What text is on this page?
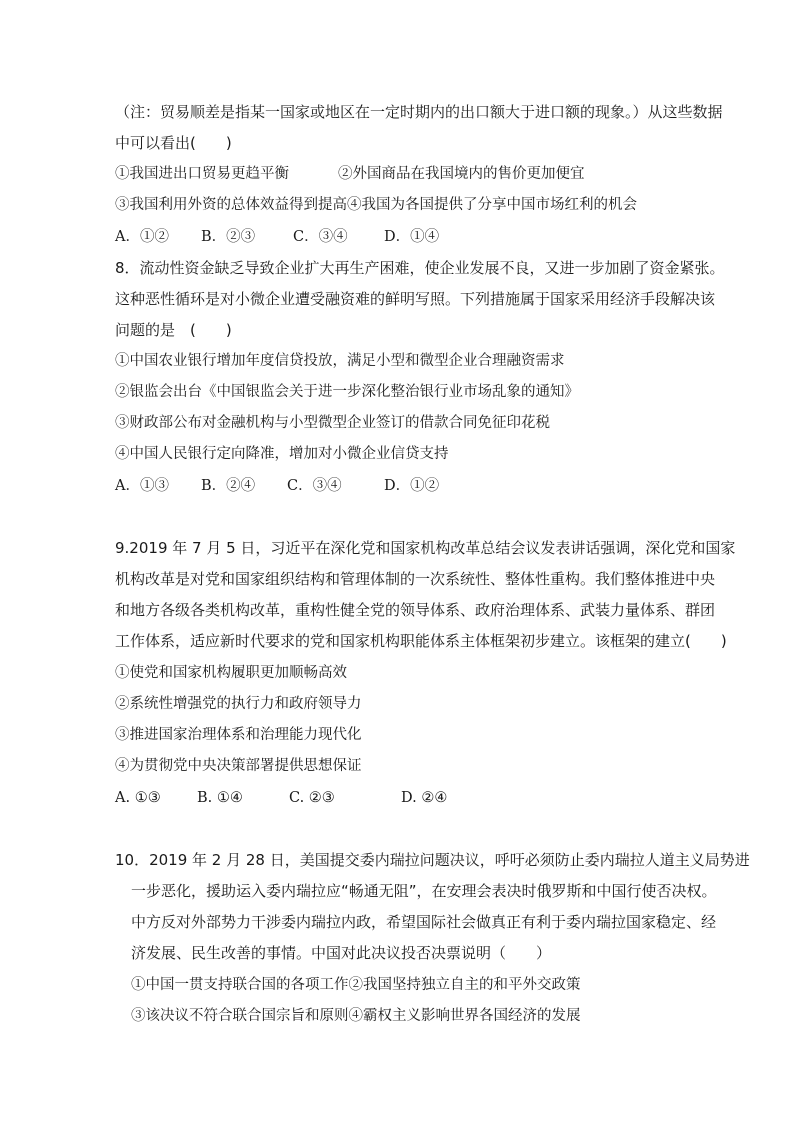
（注：贸易顺差是指某一国家或地区在一定时期内的出口额大于进口额的现象。）从这些数据
中可以看出(　　)
①我国进出口贸易更趋平衡	②外国商品在我国境内的售价更加便宜
③我国利用外资的总体效益得到提高④我国为各国提供了分享中国市场红利的机会
A．①② B．②③	C．③④	D．①④
8．流动性资金缺乏导致企业扩大再生产困难，使企业发展不良，又进一步加剧了资金紧张。
这种恶性循环是对小微企业遭受融资难的鲜明写照。下列措施属于国家采用经济手段解决该
问题的是　(　　)
①中国农业银行增加年度信贷投放，满足小型和微型企业合理融资需求
②银监会出台《中国银监会关于进一步深化整治银行业市场乱象的通知》
③财政部公布对金融机构与小型微型企业签订的借款合同免征印花税
④中国人民银行定向降准，增加对小微企业信贷支持
A．①③ B．②④ C．③④	D．①②
9.2019 年 7 月 5 日，习近平在深化党和国家机构改革总结会议发表讲话强调，深化党和国家
机构改革是对党和国家组织结构和管理体制的一次系统性、整体性重构。我们整体推进中央
和地方各级各类机构改革，重构性健全党的领导体系、政府治理体系、武装力量体系、群团
工作体系，适应新时代要求的党和国家机构职能体系主体框架初步建立。该框架的建立(　　)
①使党和国家机构履职更加顺畅高效
②系统性增强党的执行力和政府领导力
③推进国家治理体系和治理能力现代化
④为贯彻党中央决策部署提供思想保证
A. ①③	B. ①④	C. ②③	D. ②④
10．2019 年 2 月 28 日，美国提交委内瑞拉问题决议，呼吁必须防止委内瑞拉人道主义局势进
一步恶化，援助运入委内瑞拉应“畅通无阻”，在安理会表决时俄罗斯和中国行使否决权。
中方反对外部势力干涉委内瑞拉内政，希望国际社会做真正有利于委内瑞拉国家稳定、经
济发展、民生改善的事情。中国对此决议投否决票说明（　　）
①中国一贯支持联合国的各项工作②我国坚持独立自主的和平外交政策
③该决议不符合联合国宗旨和原则④霸权主义影响世界各国经济的发展
